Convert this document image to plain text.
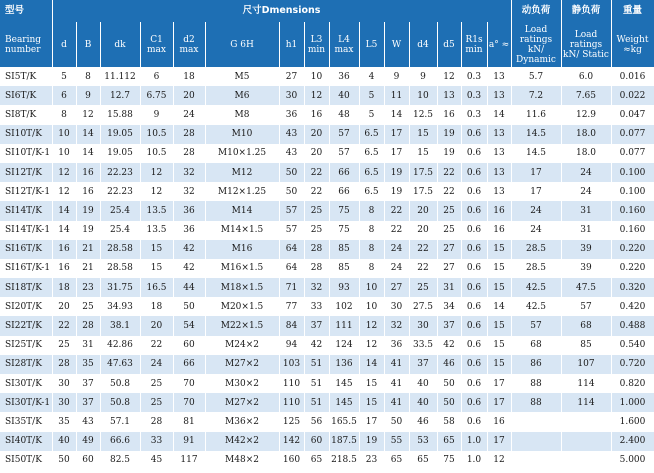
型号	尺寸Dmensions															动负荷	静负荷	重量
Bearing number	d	B	dk	C1 max	d2 max	G 6H	h1	L3 min	L4 max	L5	W	d4	d5	R1s min	a° ≈	Load ratings kN/ Dynamic	Load ratings kN/ Static	Weight ≈kg
SI5T/K	5	8	11.112	6	18	M5	27	10	36	4	9	9	12	0.3	13	5.7	6.0	0.016
SI6T/K	6	9	12.7	6.75	20	M6	30	12	40	5	11	10	13	0.3	13	7.2	7.65	0.022
SI8T/K	8	12	15.88	9	24	M8	36	16	48	5	14	12.5	16	0.3	14	11.6	12.9	0.047
SI10T/K	10	14	19.05	10.5	28	M10	43	20	57	6.5	17	15	19	0.6	13	14.5	18.0	0.077
SI10T/K-1	10	14	19.05	10.5	28	M10×1.25	43	20	57	6.5	17	15	19	0.6	13	14.5	18.0	0.077
SI12T/K	12	16	22.23	12	32	M12	50	22	66	6.5	19	17.5	22	0.6	13	17	24	0.100
SI12T/K-1	12	16	22.23	12	32	M12×1.25	50	22	66	6.5	19	17.5	22	0.6	13	17	24	0.100
SI14T/K	14	19	25.4	13.5	36	M14	57	25	75	8	22	20	25	0.6	16	24	31	0.160
SI14T/K-1	14	19	25.4	13.5	36	M14×1.5	57	25	75	8	22	20	25	0.6	16	24	31	0.160
SI16T/K	16	21	28.58	15	42	M16	64	28	85	8	24	22	27	0.6	15	28.5	39	0.220
SI16T/K-1	16	21	28.58	15	42	M16×1.5	64	28	85	8	24	22	27	0.6	15	28.5	39	0.220
SI18T/K	18	23	31.75	16.5	44	M18×1.5	71	32	93	10	27	25	31	0.6	15	42.5	47.5	0.320
SI20T/K	20	25	34.93	18	50	M20×1.5	77	33	102	10	30	27.5	34	0.6	14	42.5	57	0.420
SI22T/K	22	28	38.1	20	54	M22×1.5	84	37	111	12	32	30	37	0.6	15	57	68	0.488
SI25T/K	25	31	42.86	22	60	M24×2	94	42	124	12	36	33.5	42	0.6	15	68	85	0.540
SI28T/K	28	35	47.63	24	66	M27×2	103	51	136	14	41	37	46	0.6	15	86	107	0.720
SI30T/K	30	37	50.8	25	70	M30×2	110	51	145	15	41	40	50	0.6	17	88	114	0.820
SI30T/K-1	30	37	50.8	25	70	M27×2	110	51	145	15	41	40	50	0.6	17	88	114	1.000
SI35T/K	35	43	57.1	28	81	M36×2	125	56	165.5	17	50	46	58	0.6	16			1.600
SI40T/K	40	49	66.6	33	91	M42×2	142	60	187.5	19	55	53	65	1.0	17			2.400
SI50T/K	50	60	82.5	45	117	M48×2	160	65	218.5	23	65	65	75	1.0	12			5.000
